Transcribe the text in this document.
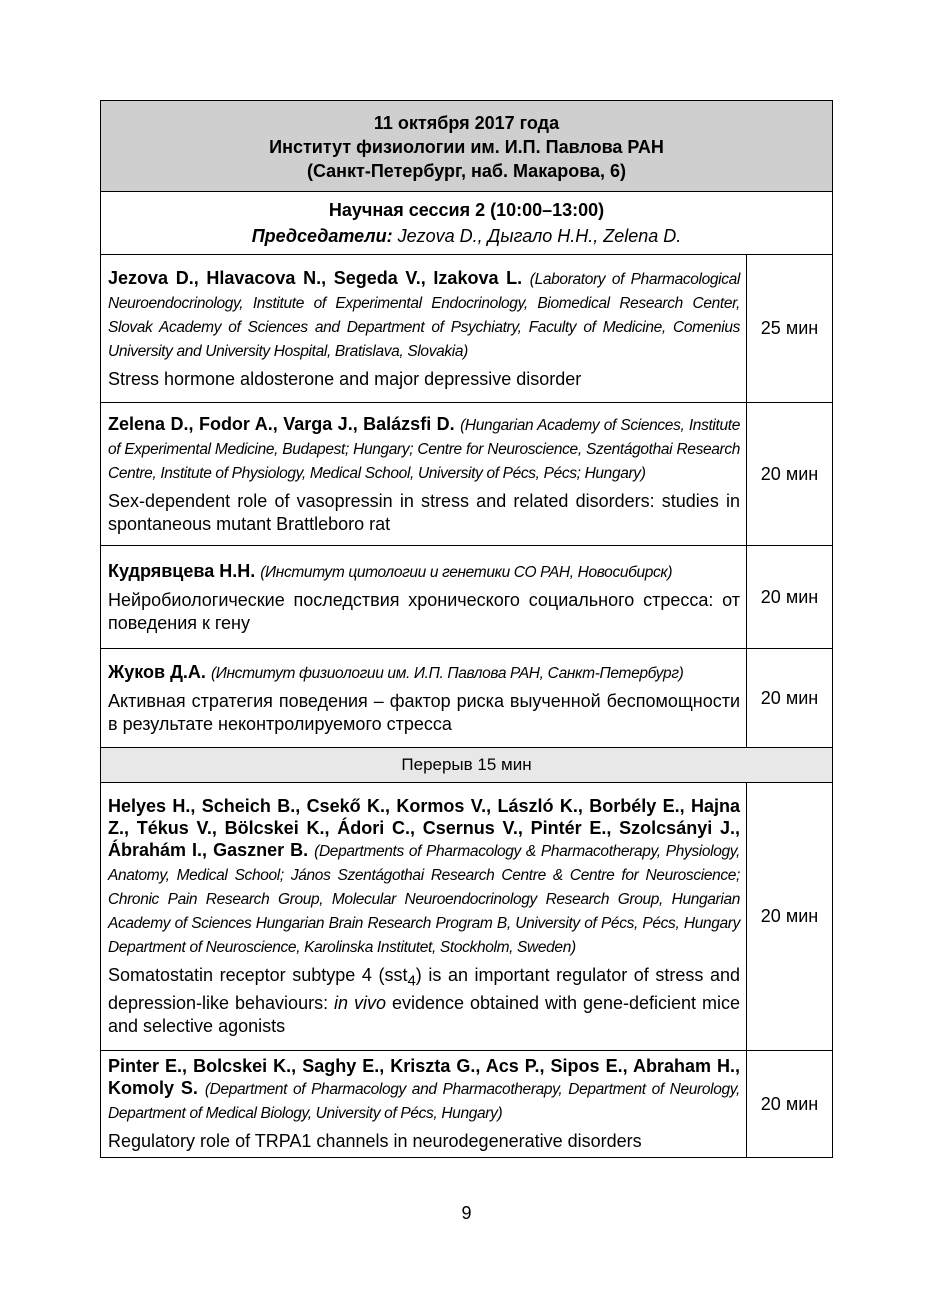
11 октября 2017 года
Институт физиологии им. И.П. Павлова РАН
(Санкт-Петербург, наб. Макарова, 6)	

Научная сессия 2 (10:00–13:00)
Председатели: Jezova D., Дыгало Н.Н., Zelena D.	

Jezova D., Hlavacova N., Segeda V., Izakova L. (Laboratory of Pharmacological Neuroendocrinology, Institute of Experimental Endocrinology, Biomedical Research Center, Slovak Academy of Sciences and Department of Psychiatry, Faculty of Medicine, Comenius University and University Hospital, Bratislava, Slovakia)
Stress hormone aldosterone and major depressive disorder	25 мин

Zelena D., Fodor A., Varga J., Balázsfi D. (Hungarian Academy of Sciences, Institute of Experimental Medicine, Budapest; Hungary; Centre for Neuroscience, Szentágothai Research Centre, Institute of Physiology, Medical School, University of Pécs, Pécs; Hungary)
Sex-dependent role of vasopressin in stress and related disorders: studies in spontaneous mutant Brattleboro rat	20 мин

Кудрявцева Н.Н. (Институт цитологии и генетики СО РАН, Новосибирск)
Нейробиологические последствия хронического социального стресса: от поведения к гену	20 мин

Жуков Д.А. (Институт физиологии им. И.П. Павлова РАН, Санкт-Петербург)
Активная стратегия поведения – фактор риска выученной беспомощности в результате неконтролируемого стресса	20 мин
Перерыв 15 мин	

Helyes H., Scheich B., Csekő K., Kormos V., László K., Borbély E., Hajna Z., Tékus V., Bölcskei K., Ádori C., Csernus V., Pintér E., Szolcsányi J., Ábrahám I., Gaszner B. (Departments of Pharmacology & Pharmacotherapy, Physiology, Anatomy, Medical School; János Szentágothai Research Centre & Centre for Neuroscience; Chronic Pain Research Group, Molecular Neuroendocrinology Research Group, Hungarian Academy of Sciences Hungarian Brain Research Program B, University of Pécs, Pécs, Hungary Department of Neuroscience, Karolinska Institutet, Stockholm, Sweden)
Somatostatin receptor subtype 4 (sst$_4$) is an important regulator of stress and depression-like behaviours: in vivo evidence obtained with gene-deficient mice and selective agonists	20 мин

Pinter E., Bolcskei K., Saghy E., Kriszta G., Acs P., Sipos E., Abraham H., Komoly S. (Department of Pharmacology and Pharmacotherapy, Department of Neurology, Department of Medical Biology, University of Pécs, Hungary)
Regulatory role of TRPA1 channels in neurodegenerative disorders	20 мин
9
